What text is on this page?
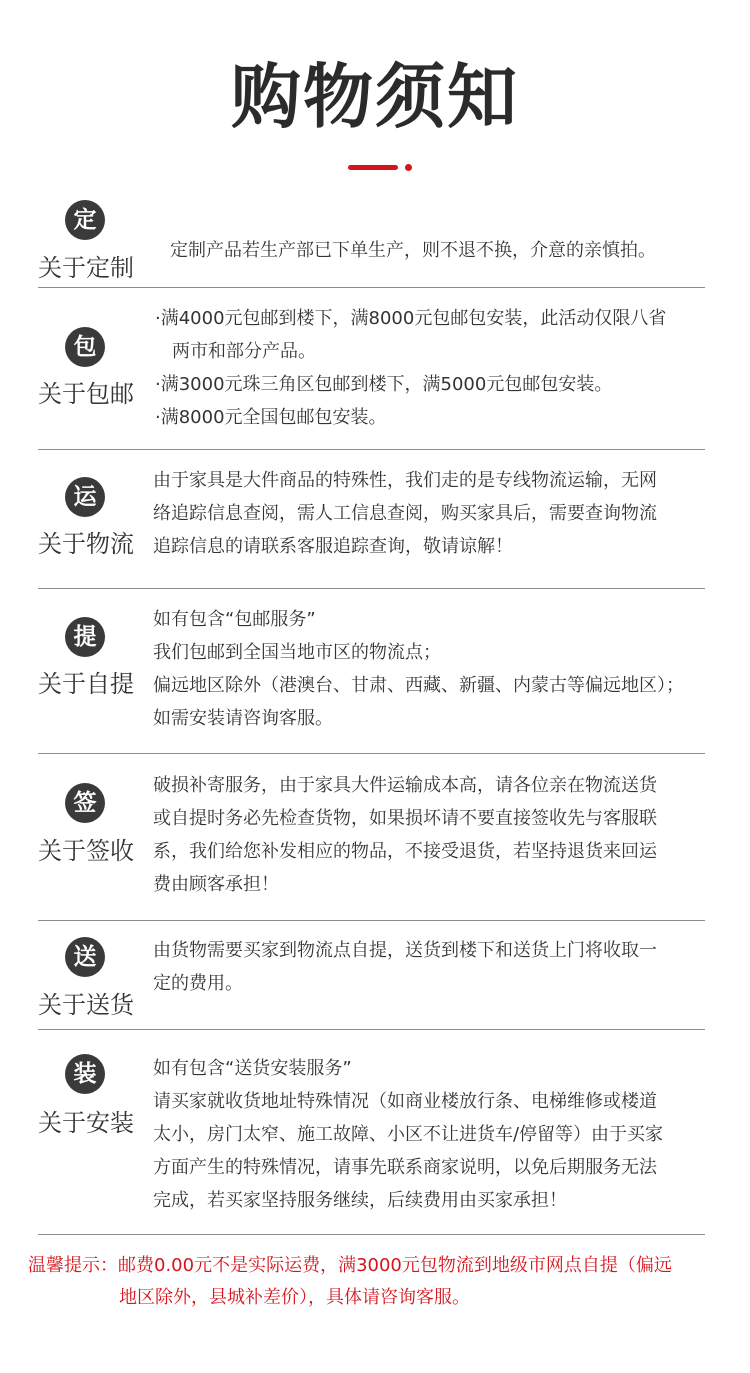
购物须知
定
关于定制
定制产品若生产部已下单生产，则不退不换，介意的亲慎拍。
包
关于包邮
·满4000元包邮到楼下，满8000元包邮包安装，此活动仅限八省
两市和部分产品。
·满3000元珠三角区包邮到楼下，满5000元包邮包安装。
·满8000元全国包邮包安装。
运
关于物流
由于家具是大件商品的特殊性，我们走的是专线物流运输，无网
络追踪信息查阅，需人工信息查阅，购买家具后，需要查询物流
追踪信息的请联系客服追踪查询，敬请谅解！
提
关于自提
如有包含“包邮服务”
我们包邮到全国当地市区的物流点；
偏远地区除外（港澳台、甘肃、西藏、新疆、内蒙古等偏远地区）；
如需安装请咨询客服。
签
关于签收
破损补寄服务，由于家具大件运输成本高，请各位亲在物流送货
或自提时务必先检查货物，如果损坏请不要直接签收先与客服联
系，我们给您补发相应的物品，不接受退货，若坚持退货来回运
费由顾客承担！
送
关于送货
由货物需要买家到物流点自提，送货到楼下和送货上门将收取一
定的费用。
装
关于安装
如有包含“送货安装服务”
请买家就收货地址特殊情况（如商业楼放行条、电梯维修或楼道
太小，房门太窄、施工故障、小区不让进货车/停留等）由于买家
方面产生的特殊情况，请事先联系商家说明，以免后期服务无法
完成，若买家坚持服务继续，后续费用由买家承担！
温馨提示：邮费0.00元不是实际运费，满3000元包物流到地级市网点自提（偏远
地区除外，县城补差价），具体请咨询客服。
